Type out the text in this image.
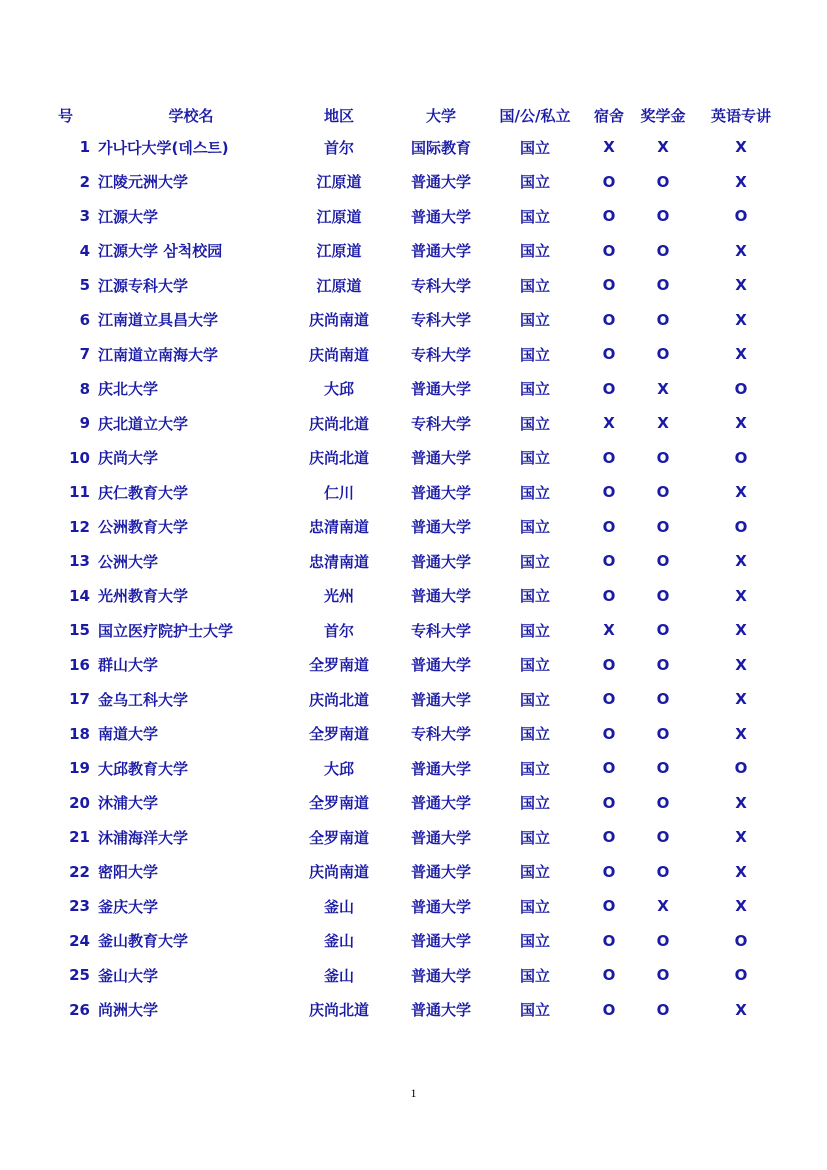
号	学校名	地区	大学	国/公/私立	宿舍	奖学金	英语专讲
1	가나다大学(데스트)	首尔	国际教育	国立	X	X	X
2	江陵元洲大学	江原道	普通大学	国立	O	O	X
3	江源大学	江原道	普通大学	国立	O	O	O
4	江源大学 삼척校园	江原道	普通大学	国立	O	O	X
5	江源专科大学	江原道	专科大学	国立	O	O	X
6	江南道立具昌大学	庆尚南道	专科大学	国立	O	O	X
7	江南道立南海大学	庆尚南道	专科大学	国立	O	O	X
8	庆北大学	大邱	普通大学	国立	O	X	O
9	庆北道立大学	庆尚北道	专科大学	国立	X	X	X
10	庆尚大学	庆尚北道	普通大学	国立	O	O	O
11	庆仁教育大学	仁川	普通大学	国立	O	O	X
12	公洲教育大学	忠清南道	普通大学	国立	O	O	O
13	公洲大学	忠清南道	普通大学	国立	O	O	X
14	光州教育大学	光州	普通大学	国立	O	O	X
15	国立医疗院护士大学	首尔	专科大学	国立	X	O	X
16	群山大学	全罗南道	普通大学	国立	O	O	X
17	金乌工科大学	庆尚北道	普通大学	国立	O	O	X
18	南道大学	全罗南道	专科大学	国立	O	O	X
19	大邱教育大学	大邱	普通大学	国立	O	O	O
20	沐浦大学	全罗南道	普通大学	国立	O	O	X
21	沐浦海洋大学	全罗南道	普通大学	国立	O	O	X
22	密阳大学	庆尚南道	普通大学	国立	O	O	X
23	釜庆大学	釜山	普通大学	国立	O	X	X
24	釜山教育大学	釜山	普通大学	国立	O	O	O
25	釜山大学	釜山	普通大学	国立	O	O	O
26	尚洲大学	庆尚北道	普通大学	国立	O	O	X
1
